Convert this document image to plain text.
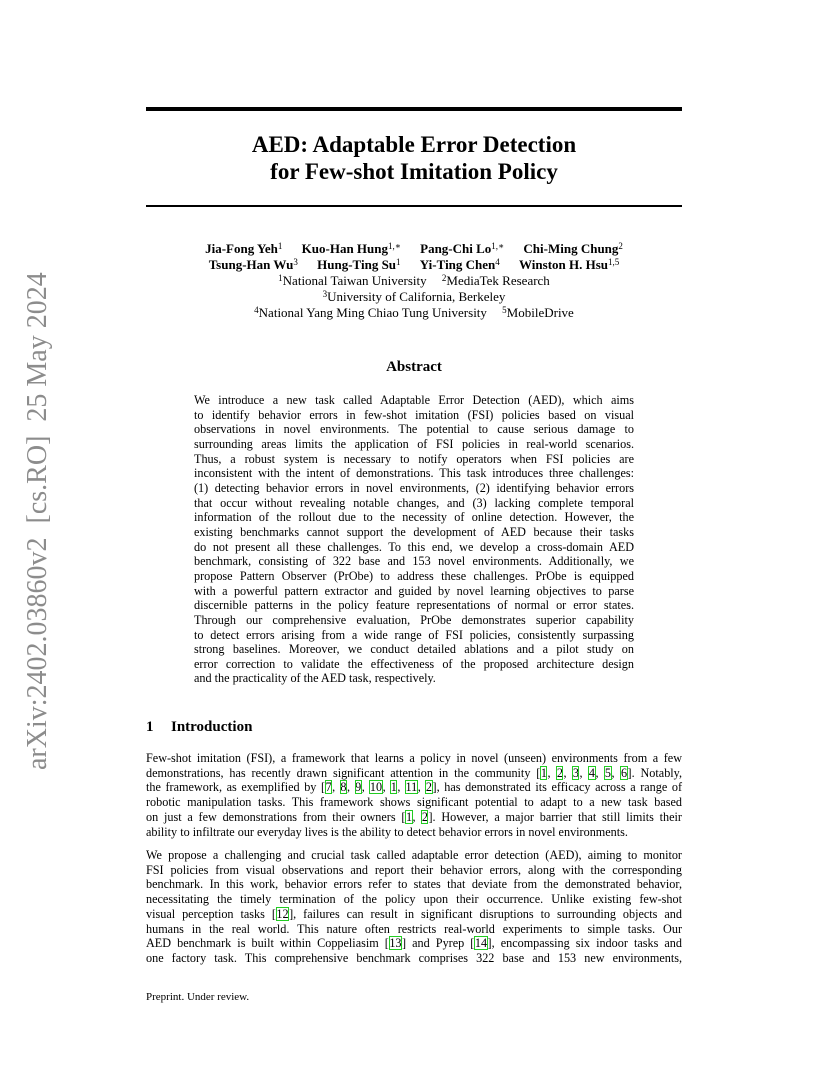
arXiv:2402.03860v2  [cs.RO]  25 May 2024
AED: Adaptable Error Detection
for Few-shot Imitation Policy
Jia-Fong Yeh$^1$ Kuo-Han Hung$^{1,∗}$ Pang-Chi $Lo^{1,∗}$ Chi-Ming Chung$^2$
Tsung-Han Wu$^3$ Hung-Ting Su$^1$ Yi-Ting Chen$^4$ Winston H. Hsu$^{1,5}$
$^1$National Taiwan University $^2$MediaTek Research
$^3$University of California, Berkeley
$^4$National Yang Ming Chiao Tung University $^5$MobileDrive
Abstract
We introduce a new task called Adaptable Error Detection (AED), which aims
to identify behavior errors in few-shot imitation (FSI) policies based on visual
observations in novel environments. The potential to cause serious damage to
surrounding areas limits the application of FSI policies in real-world scenarios.
Thus, a robust system is necessary to notify operators when FSI policies are
inconsistent with the intent of demonstrations. This task introduces three challenges:
(1) detecting behavior errors in novel environments, (2) identifying behavior errors
that occur without revealing notable changes, and (3) lacking complete temporal
information of the rollout due to the necessity of online detection. However, the
existing benchmarks cannot support the development of AED because their tasks
do not present all these challenges. To this end, we develop a cross-domain AED
benchmark, consisting of 322 base and 153 novel environments. Additionally, we
propose Pattern Observer (PrObe) to address these challenges. PrObe is equipped
with a powerful pattern extractor and guided by novel learning objectives to parse
discernible patterns in the policy feature representations of normal or error states.
Through our comprehensive evaluation, PrObe demonstrates superior capability
to detect errors arising from a wide range of FSI policies, consistently surpassing
strong baselines. Moreover, we conduct detailed ablations and a pilot study on
error correction to validate the effectiveness of the proposed architecture design
and the practicality of the AED task, respectively.
1 Introduction
Few-shot imitation (FSI), a framework that learns a policy in novel (unseen) environments from a few
demonstrations, has recently drawn significant attention in the community [1, 2, 3, 4, 5, 6]. Notably,
the framework, as exemplified by [7, 8, 9, 10, 1, 11, 2], has demonstrated its efficacy across a range of
robotic manipulation tasks. This framework shows significant potential to adapt to a new task based
on just a few demonstrations from their owners [1, 2]. However, a major barrier that still limits their
ability to infiltrate our everyday lives is the ability to detect behavior errors in novel environments.
We propose a challenging and crucial task called adaptable error detection (AED), aiming to monitor
FSI policies from visual observations and report their behavior errors, along with the corresponding
benchmark. In this work, behavior errors refer to states that deviate from the demonstrated behavior,
necessitating the timely termination of the policy upon their occurrence. Unlike existing few-shot
visual perception tasks [12], failures can result in significant disruptions to surrounding objects and
humans in the real world. This nature often restricts real-world experiments to simple tasks. Our
AED benchmark is built within Coppeliasim [13] and Pyrep [14], encompassing six indoor tasks and
one factory task. This comprehensive benchmark comprises 322 base and 153 new environments,
Preprint. Under review.
